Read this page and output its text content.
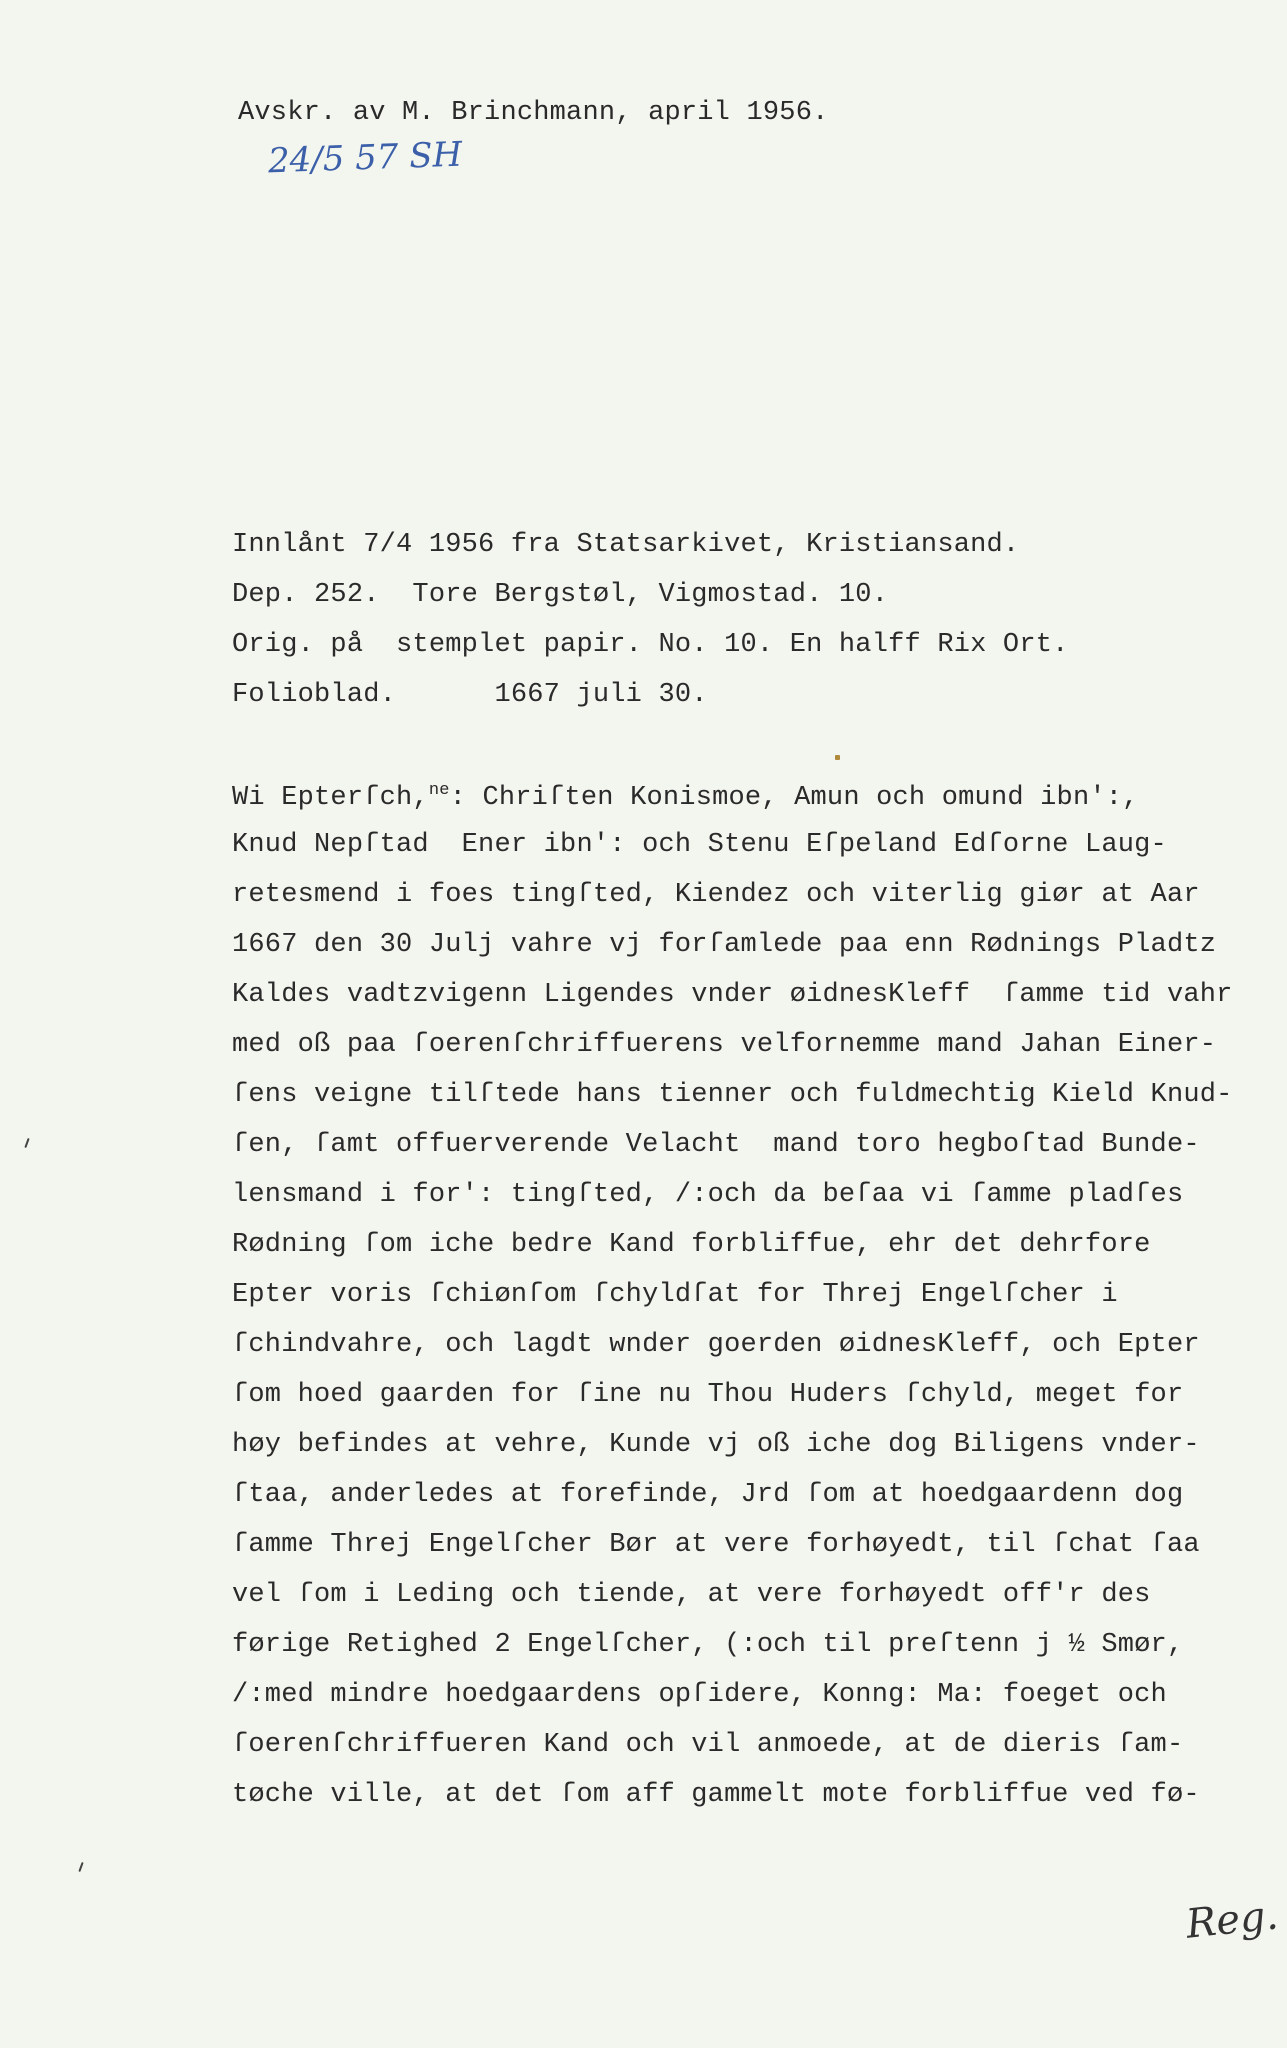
Avskr. av M. Brinchmann, april 1956.
24/5 57 SH
Innlånt 7/4 1956 fra Statsarkivet, Kristiansand.
Dep. 252.  Tore Bergstøl, Vigmostad. 10.
Orig. på  stemplet papir. No. 10. En halff Rix Ort.
Folioblad.      1667 juli 30.
Wi Epterſch,$^{ne}$: Chriſten Konismoe, Amun och omund ibn':,
Knud Nepſtad  Ener ibn': och Stenu Eſpeland Edſorne Laug-
retesmend i foes tingſted, Kiendez och viterlig giør at Aar
1667 den 30 Julj vahre vj forſamlede paa enn Rødnings Pladtz
Kaldes vadtzvigenn Ligendes vnder øidnesKleff  ſamme tid vahr
med oß paa ſoerenſchriffuerens velfornemme mand Jahan Einer-
ſens veigne tilſtede hans tienner och fuldmechtig Kield Knud-
ſen, ſamt offuerverende Velacht  mand toro hegboſtad Bunde-
lensmand i for': tingſted, /:och da beſaa vi ſamme pladſes
Rødning ſom iche bedre Kand forbliffue, ehr det dehrfore
Epter voris ſchiønſom ſchyldſat for Threj Engelſcher i
ſchindvahre, och lagdt wnder goerden øidnesKleff, och Epter
ſom hoed gaarden for ſine nu Thou Huders ſchyld, meget for
høy befindes at vehre, Kunde vj oß iche dog Biligens vnder-
ſtaa, anderledes at forefinde, Jrd ſom at hoedgaardenn dog
ſamme Threj Engelſcher Bør at vere forhøyedt, til ſchat ſaa
vel ſom i Leding och tiende, at vere forhøyedt off'r des
førige Retighed 2 Engelſcher, (:och til preſtenn j ½ Smør,
/:med mindre hoedgaardens opſidere, Konng: Ma: foeget och
ſoerenſchriffueren Kand och vil anmoede, at de dieris ſam-
tøche ville, at det ſom aff gammelt mote forbliffue ved fø-
Reg.
